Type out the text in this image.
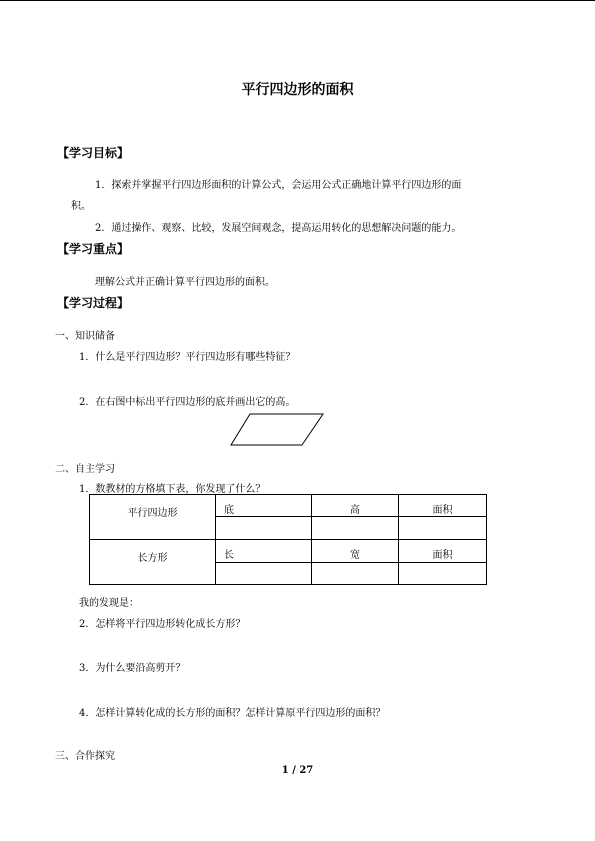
平行四边形的面积
【学习目标】
1．探索并掌握平行四边形面积的计算公式，会运用公式正确地计算平行四边形的面
积。
2．通过操作、观察、比较，发展空间观念，提高运用转化的思想解决问题的能力。
【学习重点】
理解公式并正确计算平行四边形的面积。
【学习过程】
一、知识储备
1．什么是平行四边形？平行四边形有哪些特征？
2．在右图中标出平行四边形的底并画出它的高。
二、自主学习
1．数教材的方格填下表，你发现了什么？
平行四边形	底	高	面积

长方形	长	宽	面积

我的发现是：
2．怎样将平行四边形转化成长方形？
3．为什么要沿高剪开？
4．怎样计算转化成的长方形的面积？怎样计算原平行四边形的面积？
三、合作探究
1 / 27
